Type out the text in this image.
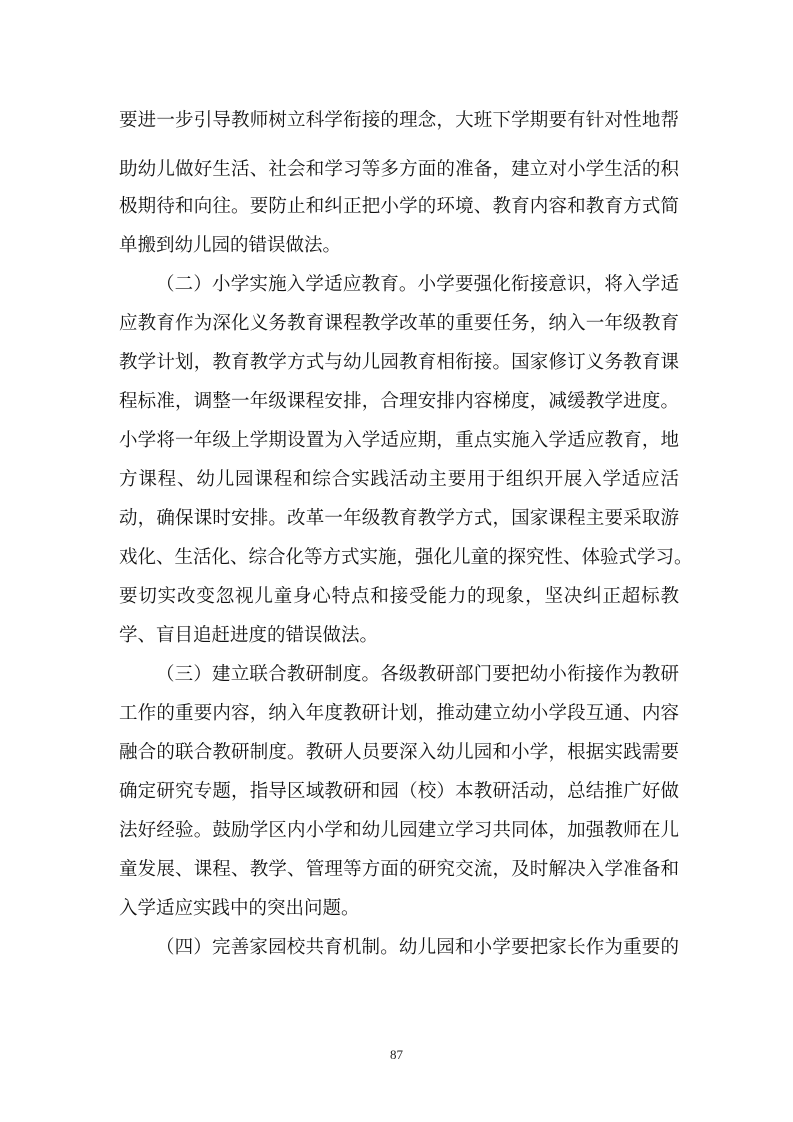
要进一步引导教师树立科学衔接的理念，大班下学期要有针对性地帮

助幼儿做好生活、社会和学习等多方面的准备，建立对小学生活的积

极期待和向往。要防止和纠正把小学的环境、教育内容和教育方式简

单搬到幼儿园的错误做法。

（二）小学实施入学适应教育。小学要强化衔接意识，将入学适

应教育作为深化义务教育课程教学改革的重要任务，纳入一年级教育

教学计划，教育教学方式与幼儿园教育相衔接。国家修订义务教育课

程标准，调整一年级课程安排，合理安排内容梯度，减缓教学进度。

小学将一年级上学期设置为入学适应期，重点实施入学适应教育，地

方课程、幼儿园课程和综合实践活动主要用于组织开展入学适应活

动，确保课时安排。改革一年级教育教学方式，国家课程主要采取游

戏化、生活化、综合化等方式实施，强化儿童的探究性、体验式学习。

要切实改变忽视儿童身心特点和接受能力的现象，坚决纠正超标教

学、盲目追赶进度的错误做法。

（三）建立联合教研制度。各级教研部门要把幼小衔接作为教研

工作的重要内容，纳入年度教研计划，推动建立幼小学段互通、内容

融合的联合教研制度。教研人员要深入幼儿园和小学，根据实践需要

确定研究专题，指导区域教研和园（校）本教研活动，总结推广好做

法好经验。鼓励学区内小学和幼儿园建立学习共同体，加强教师在儿

童发展、课程、教学、管理等方面的研究交流，及时解决入学准备和

入学适应实践中的突出问题。

（四）完善家园校共育机制。幼儿园和小学要把家长作为重要的

87
